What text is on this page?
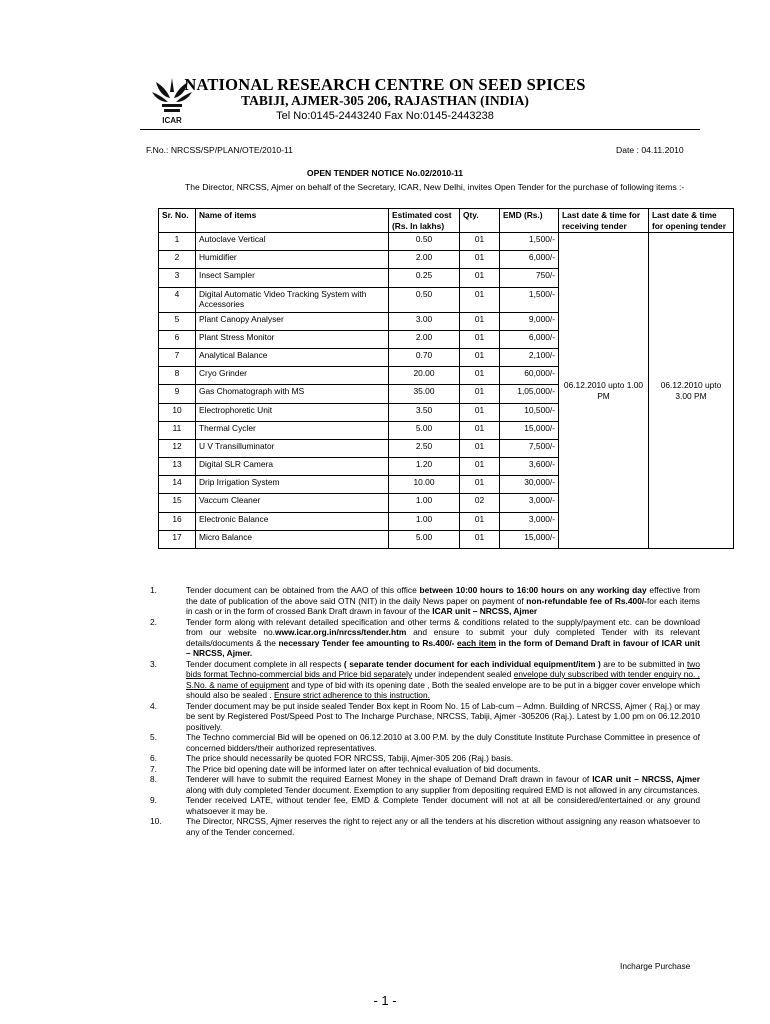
ICAR
NATIONAL RESEARCH CENTRE ON SEED SPICES
TABIJI, AJMER-305 206, RAJASTHAN (INDIA)
Tel No:0145-2443240 Fax No:0145-2443238
F.No.: NRCSS/SP/PLAN/OTE/2010-11	Date : 04.11.2010
OPEN TENDER NOTICE No.02/2010-11
The Director, NRCSS, Ajmer on behalf of the Secretary, ICAR, New Delhi, invites Open Tender for the purchase of following items :-
Sr. No.	Name of items	Estimated cost (Rs. In lakhs)	Qty.	EMD (Rs.)	Last date & time for receiving tender	Last date & time for opening tender
1	Autoclave Vertical	0.50	01	1,500/-	06.12.2010 upto 1.00 PM	06.12.2010 upto 3.00 PM
2	Humidifier	2.00	01	6,000/-		
3	Insect Sampler	0.25	01	750/-		
4	Digital Automatic Video Tracking System with Accessories	0.50	01	1,500/-		
5	Plant Canopy Analyser	3.00	01	9,000/-		
6	Plant Stress Monitor	2.00	01	6,000/-		
7	Analytical Balance	0.70	01	2,100/-		
8	Cryo Grinder	20.00	01	60,000/-		
9	Gas Chomatograph with MS	35.00	01	1,05,000/-		
10	Electrophoretic Unit	3.50	01	10,500/-		
11	Thermal Cycler	5.00	01	15,000/-		
12	U V Transilluminator	2.50	01	7,500/-		
13	Digital SLR Camera	1.20	01	3,600/-		
14	Drip Irrigation System	10.00	01	30,000/-		
15	Vaccum Cleaner	1.00	02	3,000/-		
16	Electronic Balance	1.00	01	3,000/-		
17	Micro Balance	5.00	01	15,000/-		
1.	Tender document can be obtained from the AAO of this office between 10:00 hours to 16:00 hours on any working day effective from the date of publication of the above said OTN (NIT) in the daily News paper on payment of non-refundable fee of Rs.400/-for each items in cash or in the form of crossed Bank Draft drawn in favour of the ICAR unit – NRCSS, Ajmer
2.	Tender form along with relevant detailed specification and other terms & conditions related to the supply/payment etc. can be download from our website no.www.icar.org.in/nrcss/tender.htm and ensure to submit your duly completed Tender with its relevant details/documents & the necessary Tender fee amounting to Rs.400/- each item in the form of Demand Draft in favour of ICAR unit – NRCSS, Ajmer.
3.	Tender document complete in all respects ( separate tender document for each individual equipment/item ) are to be submitted in two bids format Techno-commercial bids and Price bid separately under independent sealed envelope duly subscribed with tender enquiry no. , S.No. & name of equipment and type of bid with its opening date , Both the sealed envelope are to be put in a bigger cover envelope which should also be sealed . Ensure strict adherence to this instruction.
4.	Tender document may be put inside sealed Tender Box kept in Room No. 15 of Lab-cum – Admn. Building of NRCSS, Ajmer ( Raj.) or may be sent by Registered Post/Speed Post to The Incharge Purchase, NRCSS, Tabiji, Ajmer -305206 (Raj.). Latest by 1.00 pm on 06.12.2010 positively.
5.	The Techno commercial Bid will be opened on 06.12.2010 at 3.00 P.M. by the duly Constitute Institute Purchase Committee in presence of concerned bidders/their authorized representatives.
6.	The price should necessarily be quoted FOR NRCSS, Tabiji, Ajmer-305 206 (Raj.) basis.
7.	The Price bid opening date will be informed later on after technical evaluation of bid documents.
8.	Tenderer will have to submit the required Earnest Money in the shape of Demand Draft drawn in favour of ICAR unit – NRCSS, Ajmer along with duly completed Tender document. Exemption to any supplier from depositing required EMD is not allowed in any circumstances.
9.	Tender received LATE, without tender fee, EMD & Complete Tender document will not at all be considered/entertained or any ground whatsoever it may be.
10.	The Director, NRCSS, Ajmer reserves the right to reject any or all the tenders at his discretion without assigning any reason whatsoever to any of the Tender concerned.
Incharge Purchase
- 1 -
